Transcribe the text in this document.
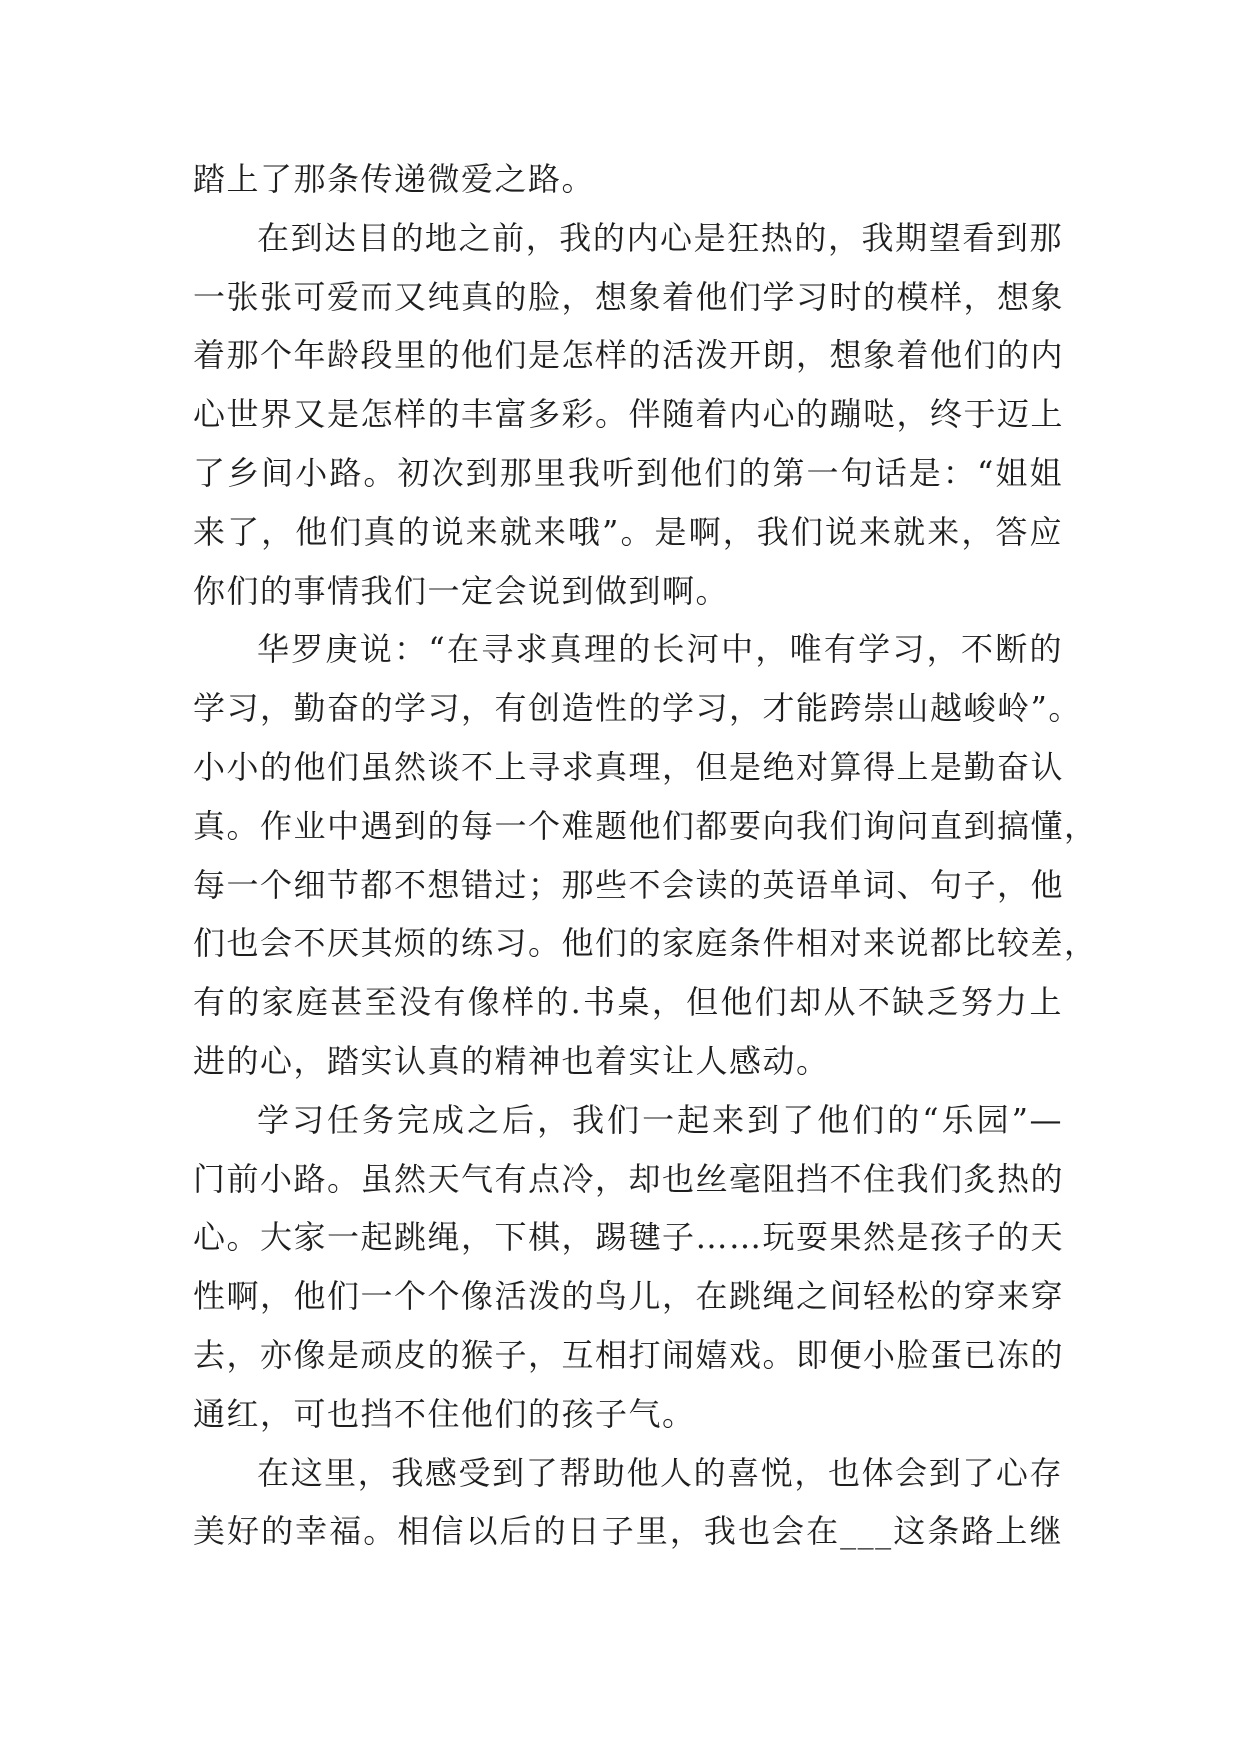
踏上了那条传递微爱之路。
在到达目的地之前，我的内心是狂热的，我期望看到那
一张张可爱而又纯真的脸，想象着他们学习时的模样，想象
着那个年龄段里的他们是怎样的活泼开朗，想象着他们的内
心世界又是怎样的丰富多彩。伴随着内心的蹦哒，终于迈上
了乡间小路。初次到那里我听到他们的第一句话是：“姐姐
来了，他们真的说来就来哦”。是啊，我们说来就来，答应
你们的事情我们一定会说到做到啊。
华罗庚说：“在寻求真理的长河中，唯有学习，不断的
学习，勤奋的学习，有创造性的学习，才能跨崇山越峻岭”。
小小的他们虽然谈不上寻求真理，但是绝对算得上是勤奋认
真。作业中遇到的每一个难题他们都要向我们询问直到搞懂，
每一个细节都不想错过；那些不会读的英语单词、句子，他
们也会不厌其烦的练习。他们的家庭条件相对来说都比较差，
有的家庭甚至没有像样的.书桌，但他们却从不缺乏努力上
进的心，踏实认真的精神也着实让人感动。
学习任务完成之后，我们一起来到了他们的“乐园”—
门前小路。虽然天气有点冷，却也丝毫阻挡不住我们炙热的
心。大家一起跳绳，下棋，踢毽子……玩耍果然是孩子的天
性啊，他们一个个像活泼的鸟儿，在跳绳之间轻松的穿来穿
去，亦像是顽皮的猴子，互相打闹嬉戏。即便小脸蛋已冻的
通红，可也挡不住他们的孩子气。
在这里，我感受到了帮助他人的喜悦，也体会到了心存
美好的幸福。相信以后的日子里，我也会在___这条路上继
